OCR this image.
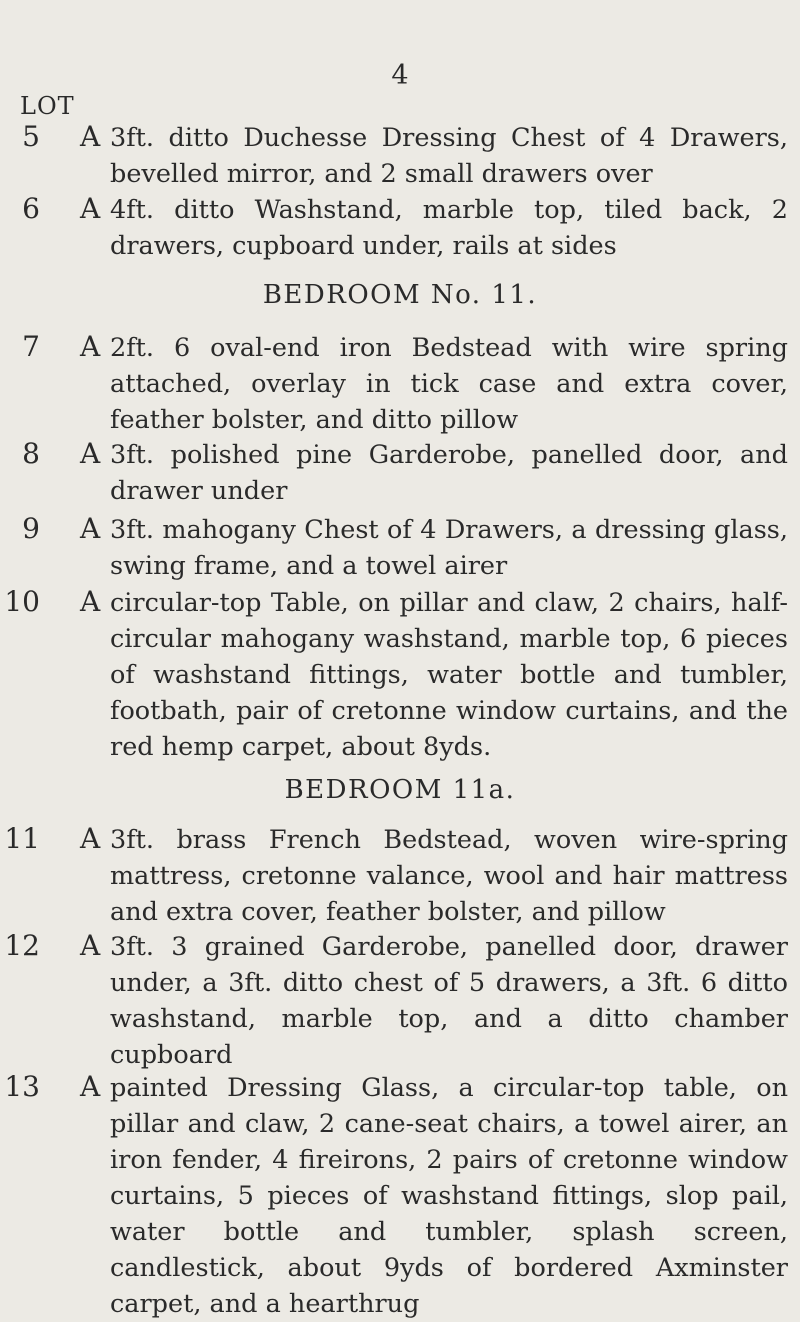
4
LOT
5 A 3ft. ditto Duchesse Dressing Chest of 4 Drawers, bevelled mirror, and 2 small drawers over
6 A 4ft. ditto Washstand, marble top, tiled back, 2 drawers, cupboard under, rails at sides
BEDROOM No. 11.
7 A 2ft. 6 oval-end iron Bedstead with wire spring attached, overlay in tick case and extra cover, feather bolster, and ditto pillow
8 A 3ft. polished pine Garderobe, panelled door, and drawer under
9 A 3ft. mahogany Chest of 4 Drawers, a dressing glass, swing frame, and a towel airer
10 A circular-top Table, on pillar and claw, 2 chairs, half-circular mahogany washstand, marble top, 6 pieces of washstand fittings, water bottle and tumbler, footbath, pair of cretonne window curtains, and the red hemp carpet, about 8yds.
BEDROOM 11a.
11 A 3ft. brass French Bedstead, woven wire-spring mattress, cretonne valance, wool and hair mattress and extra cover, feather bolster, and pillow
12 A 3ft. 3 grained Garderobe, panelled door, drawer under, a 3ft. ditto chest of 5 drawers, a 3ft. 6 ditto washstand, marble top, and a ditto chamber cupboard
13 A painted Dressing Glass, a circular-top table, on pillar and claw, 2 cane-seat chairs, a towel airer, an iron fender, 4 fireirons, 2 pairs of cretonne window curtains, 5 pieces of washstand fittings, slop pail, water bottle and tumbler, splash screen, candlestick, about 9yds of bordered Axminster carpet, and a hearthrug
